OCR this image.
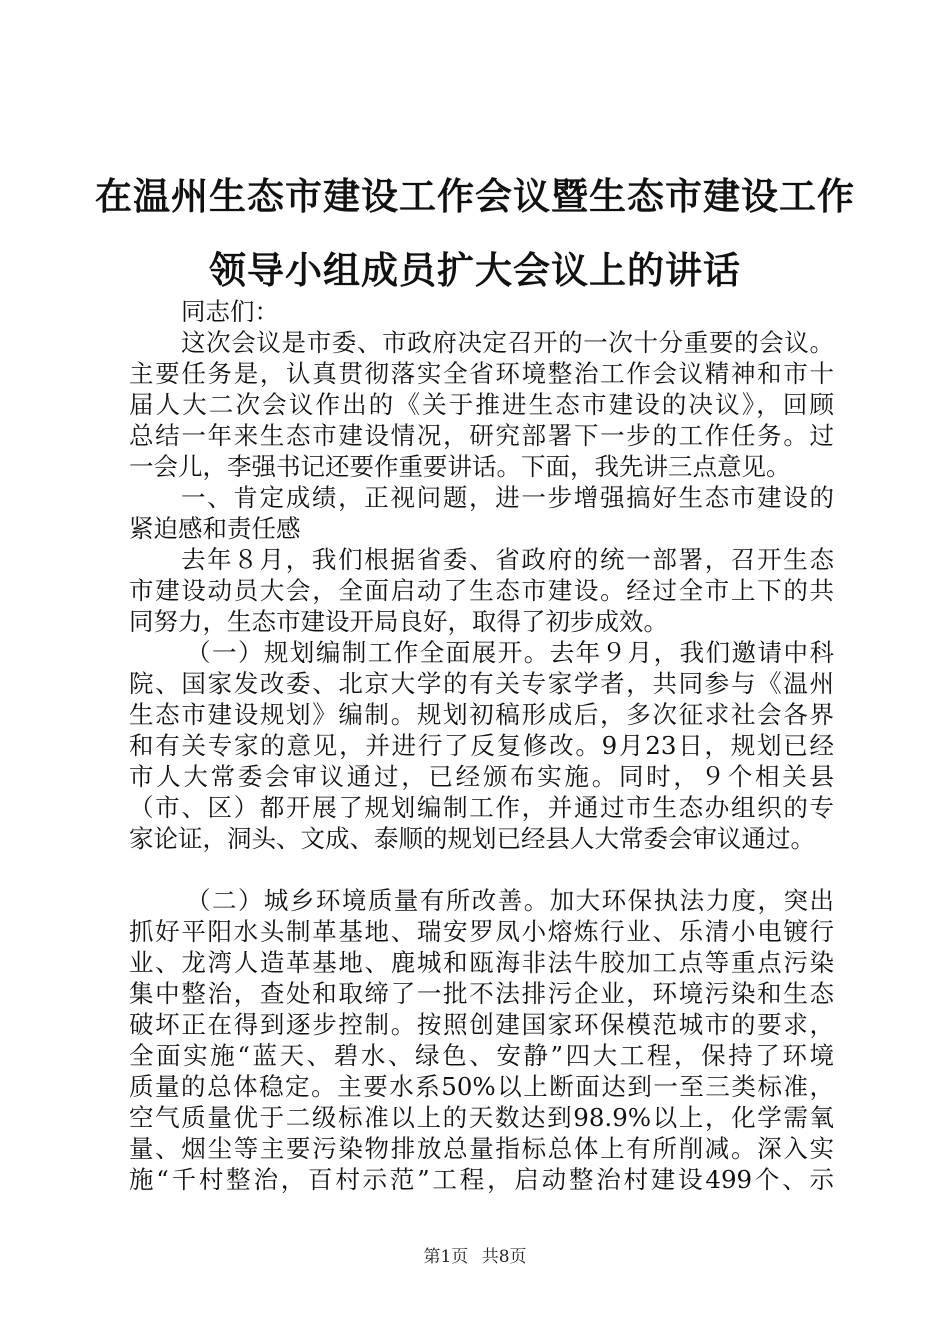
在温州生态市建设工作会议暨生态市建设工作
领导小组成员扩大会议上的讲话
同志们：
这次会议是市委、市政府决定召开的一次十分重要的会议。
主要任务是，认真贯彻落实全省环境整治工作会议精神和市十
届人大二次会议作出的《关于推进生态市建设的决议》，回顾
总结一年来生态市建设情况，研究部署下一步的工作任务。过
一会儿，李强书记还要作重要讲话。下面，我先讲三点意见。
一、肯定成绩，正视问题，进一步增强搞好生态市建设的
紧迫感和责任感
去年８月，我们根据省委、省政府的统一部署，召开生态
市建设动员大会，全面启动了生态市建设。经过全市上下的共
同努力，生态市建设开局良好，取得了初步成效。
（一）规划编制工作全面展开。去年９月，我们邀请中科
院、国家发改委、北京大学的有关专家学者，共同参与《温州
生态市建设规划》编制。规划初稿形成后，多次征求社会各界
和有关专家的意见，并进行了反复修改。9月23日，规划已经
市人大常委会审议通过，已经颁布实施。同时，９个相关县
（市、区）都开展了规划编制工作，并通过市生态办组织的专
家论证，洞头、文成、泰顺的规划已经县人大常委会审议通过。
（二）城乡环境质量有所改善。加大环保执法力度，突出
抓好平阳水头制革基地、瑞安罗凤小熔炼行业、乐清小电镀行
业、龙湾人造革基地、鹿城和瓯海非法牛胶加工点等重点污染
集中整治，查处和取缔了一批不法排污企业，环境污染和生态
破坏正在得到逐步控制。按照创建国家环保模范城市的要求，
全面实施“蓝天、碧水、绿色、安静”四大工程，保持了环境
质量的总体稳定。主要水系50%以上断面达到一至三类标准，
空气质量优于二级标准以上的天数达到98.9%以上，化学需氧
量、烟尘等主要污染物排放总量指标总体上有所削减。深入实
施“千村整治，百村示范”工程，启动整治村建设499个、示
第1页 共8页
